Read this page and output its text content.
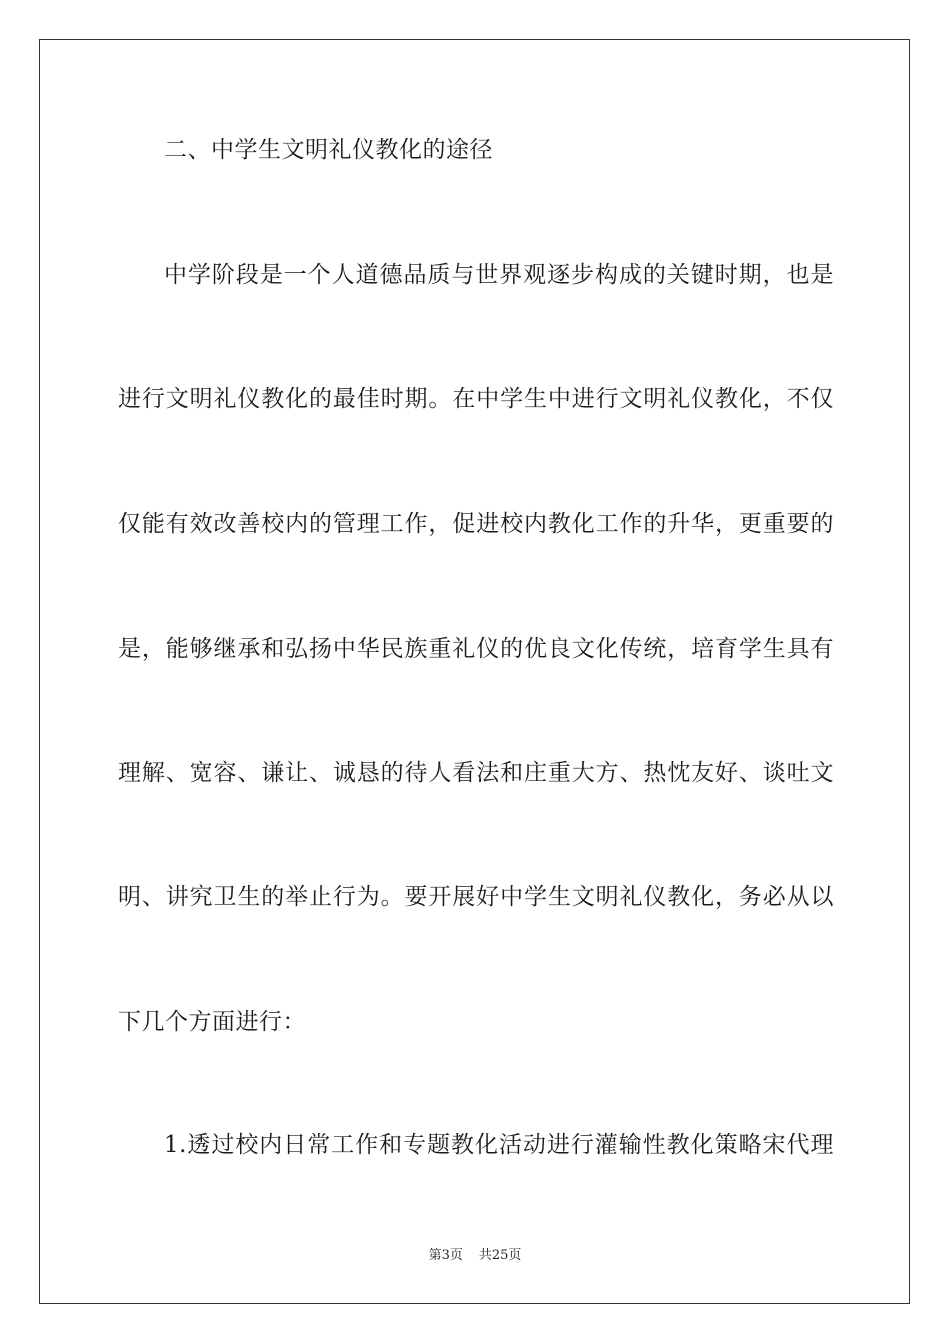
二、中学生文明礼仪教化的途径
中学阶段是一个人道德品质与世界观逐步构成的关键时期，也是
进行文明礼仪教化的最佳时期。在中学生中进行文明礼仪教化，不仅
仅能有效改善校内的管理工作，促进校内教化工作的升华，更重要的
是，能够继承和弘扬中华民族重礼仪的优良文化传统，培育学生具有
理解、宽容、谦让、诚恳的待人看法和庄重大方、热忱友好、谈吐文
明、讲究卫生的举止行为。要开展好中学生文明礼仪教化，务必从以
下几个方面进行：
1.透过校内日常工作和专题教化活动进行灌输性教化策略宋代理
第3页 共25页
